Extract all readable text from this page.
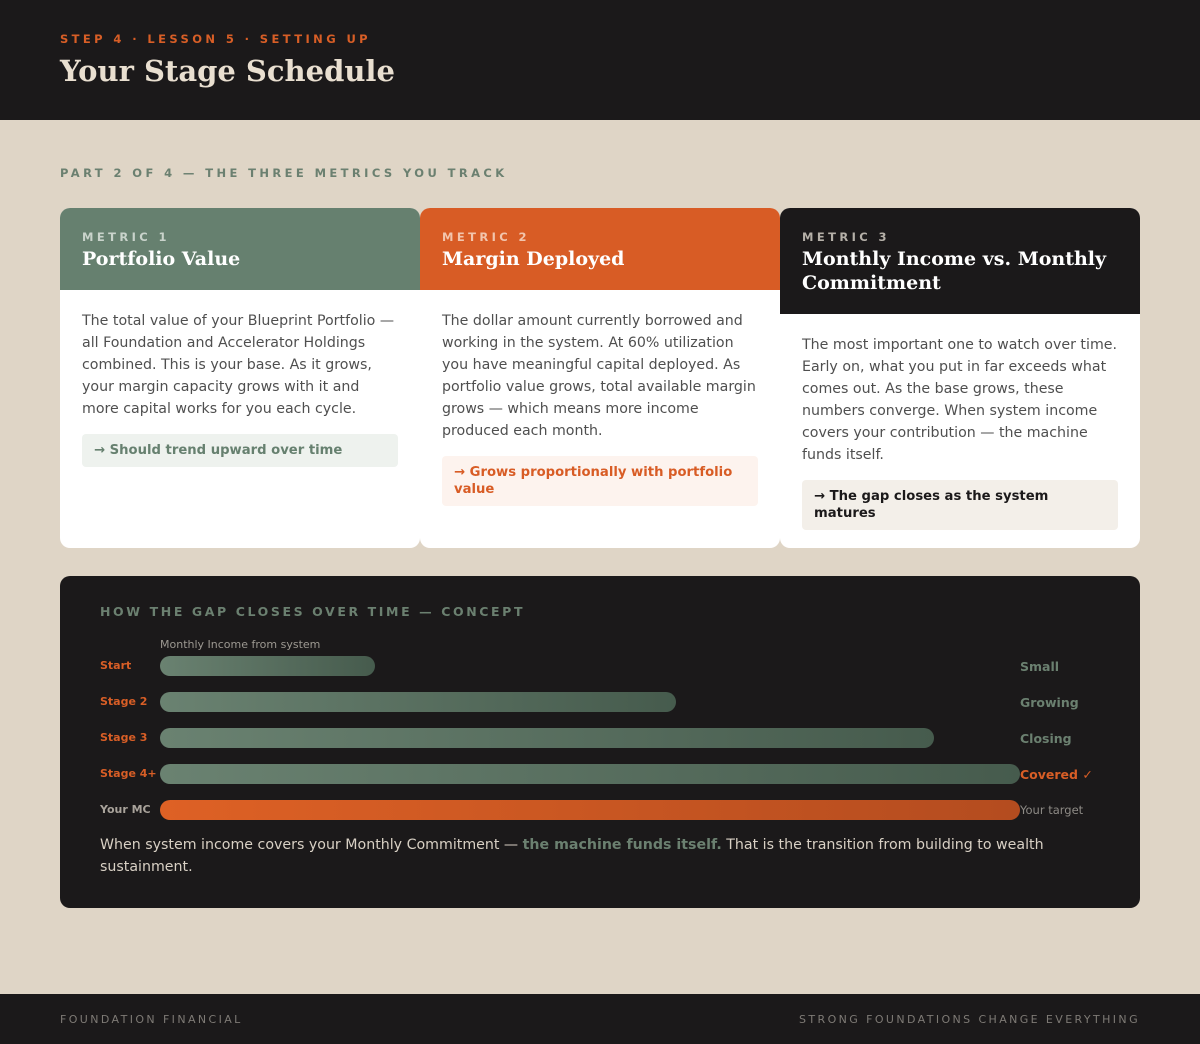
STEP 4 · LESSON 5 · SETTING UP
Your Stage Schedule
PART 2 OF 4 — THE THREE METRICS YOU TRACK
METRIC 1
Portfolio Value
The total value of your Blueprint Portfolio — all Foundation and Accelerator Holdings combined. This is your base. As it grows, your margin capacity grows with it and more capital works for you each cycle.
→ Should trend upward over time
METRIC 2
Margin Deployed
The dollar amount currently borrowed and working in the system. At 60% utilization you have meaningful capital deployed. As portfolio value grows, total available margin grows — which means more income produced each month.
→ Grows proportionally with portfolio value
METRIC 3
Monthly Income vs. Monthly Commitment
The most important one to watch over time. Early on, what you put in far exceeds what comes out. As the base grows, these numbers converge. When system income covers your contribution — the machine funds itself.
→ The gap closes as the system matures
HOW THE GAP CLOSES OVER TIME — CONCEPT
Monthly Income from system
Start	Small
Stage 2	Growing
Stage 3	Closing
Stage 4+	Covered ✓
Your MC	Your target
When system income covers your Monthly Commitment — the machine funds itself. That is the transition from building to wealth sustainment.
FOUNDATION FINANCIAL	STRONG FOUNDATIONS CHANGE EVERYTHING
